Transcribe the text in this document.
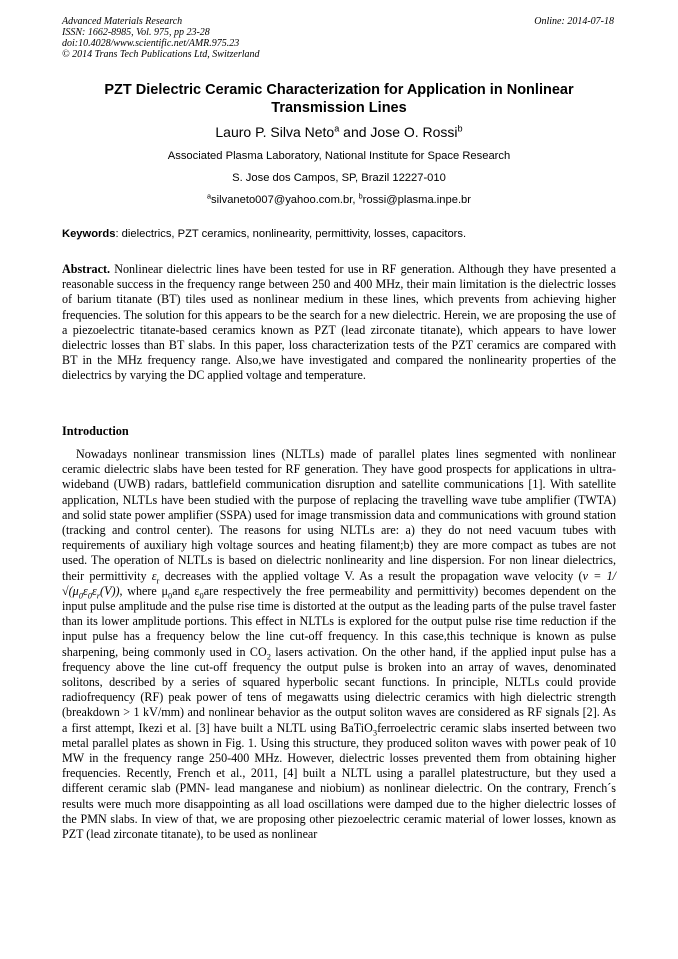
Advanced Materials Research
ISSN: 1662-8985, Vol. 975, pp 23-28
doi:10.4028/www.scientific.net/AMR.975.23
© 2014 Trans Tech Publications Ltd, Switzerland
Online: 2014-07-18
PZT Dielectric Ceramic Characterization for Application in Nonlinear Transmission Lines
Lauro P. Silva Neto$^a$ and Jose O. Rossi$^b$
Associated Plasma Laboratory, National Institute for Space Research
S. Jose dos Campos, SP, Brazil 12227-010
$^a$silvaneto007@yahoo.com.br, $^b$rossi@plasma.inpe.br
Keywords: dielectrics, PZT ceramics, nonlinearity, permittivity, losses, capacitors.
Abstract. Nonlinear dielectric lines have been tested for use in RF generation. Although they have presented a reasonable success in the frequency range between 250 and 400 MHz, their main limitation is the dielectric losses of barium titanate (BT) tiles used as nonlinear medium in these lines, which prevents from achieving higher frequencies. The solution for this appears to be the search for a new dielectric. Herein, we are proposing the use of a piezoelectric titanate-based ceramics known as PZT (lead zirconate titanate), which appears to have lower dielectric losses than BT slabs. In this paper, loss characterization tests of the PZT ceramics are compared with BT in the MHz frequency range. Also,we have investigated and compared the nonlinearity properties of the dielectrics by varying the DC applied voltage and temperature.
Introduction
Nowadays nonlinear transmission lines (NLTLs) made of parallel plates lines segmented with nonlinear ceramic dielectric slabs have been tested for RF generation. They have good prospects for applications in ultra-wideband (UWB) radars, battlefield communication disruption and satellite communications [1]. With satellite application, NLTLs have been studied with the purpose of replacing the travelling wave tube amplifier (TWTA) and solid state power amplifier (SSPA) used for image transmission data and communications with ground station (tracking and control center). The reasons for using NLTLs are: a) they do not need vacuum tubes with requirements of auxiliary high voltage sources and heating filament;b) they are more compact as tubes are not used. The operation of NLTLs is based on dielectric nonlinearity and line dispersion. For non linear dielectrics, their permittivity $\varepsilon_r$ decreases with the applied voltage V. As a result the propagation wave velocity ($v = 1/√(\mu_0\varepsilon_0\varepsilon_r(V))$, where $\mu_0and$ $\varepsilon_0are$ respectively the free permeability and permittivity) becomes dependent on the input pulse amplitude and the pulse rise time is distorted at the output as the leading parts of the pulse travel faster than its lower amplitude portions. This effect in NLTLs is explored for the output pulse rise time reduction if the input pulse has a frequency below the line cut-off frequency. In this case,this technique is known as pulse sharpening, being commonly used in $CO_2$ lasers activation. On the other hand, if the applied input pulse has a frequency above the line cut-off frequency the output pulse is broken into an array of waves, denominated solitons, described by a series of squared hyperbolic secant functions. In principle, NLTLs could provide radiofrequency (RF) peak power of tens of megawatts using dielectric ceramics with high dielectric strength (breakdown > 1 kV/mm) and nonlinear behavior as the output soliton waves are considered as RF signals [2]. As a first attempt, Ikezi et al. [3] have built a NLTL using BaTiO$_3$ferroelectric ceramic slabs inserted between two metal parallel plates as shown in Fig. 1. Using this structure, they produced soliton waves with power peak of 10 MW in the frequency range 250-400 MHz. However, dielectric losses prevented them from obtaining higher frequencies. Recently, French et al., 2011, [4] built a NLTL using a parallel platestructure, but they used a different ceramic slab (PMN- lead manganese and niobium) as nonlinear dielectric. On the contrary, French´s results were much more disappointing as all load oscillations were damped due to the higher dielectric losses of the PMN slabs. In view of that, we are proposing other piezoelectric ceramic material of lower losses, known as PZT (lead zirconate titanate), to be used as nonlinear
